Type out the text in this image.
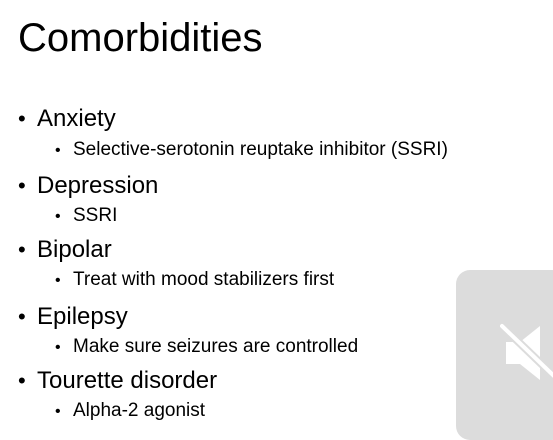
Comorbidities
• Anxiety
• Selective-serotonin reuptake inhibitor (SSRI)
• Depression
• SSRI
• Bipolar
• Treat with mood stabilizers first
• Epilepsy
• Make sure seizures are controlled
• Tourette disorder
• Alpha-2 agonist
